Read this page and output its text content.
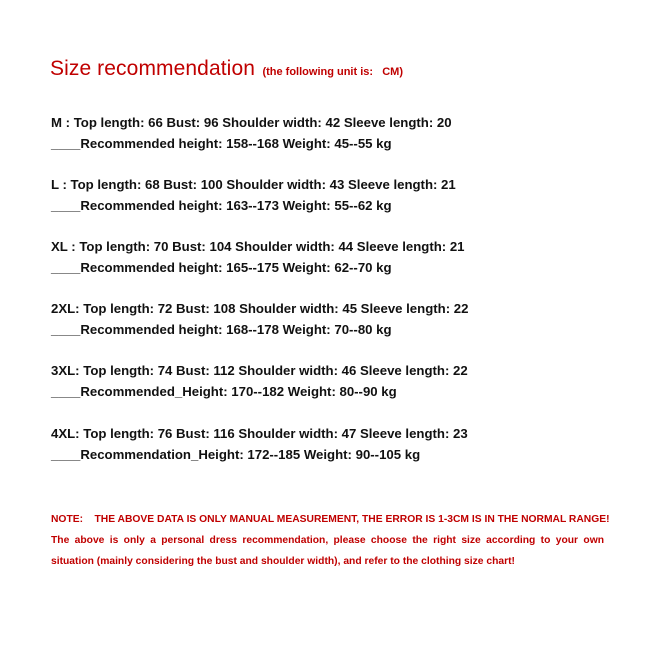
Size recommendation (the following unit is:   CM)
M : Top length: 66 Bust: 96 Shoulder width: 42 Sleeve length: 20
____Recommended height: 158--168 Weight: 45--55 kg
L : Top length: 68 Bust: 100 Shoulder width: 43 Sleeve length: 21
____Recommended height: 163--173 Weight: 55--62 kg
XL : Top length: 70 Bust: 104 Shoulder width: 44 Sleeve length: 21
____Recommended height: 165--175 Weight: 62--70 kg
2XL: Top length: 72 Bust: 108 Shoulder width: 45 Sleeve length: 22
____Recommended height: 168--178 Weight: 70--80 kg
3XL: Top length: 74 Bust: 112 Shoulder width: 46 Sleeve length: 22
____Recommended_Height: 170--182 Weight: 80--90 kg
4XL: Top length: 76 Bust: 116 Shoulder width: 47 Sleeve length: 23
____Recommendation_Height: 172--185 Weight: 90--105 kg
NOTE:    THE ABOVE DATA IS ONLY MANUAL MEASUREMENT, THE ERROR IS 1-3CM IS IN THE NORMAL RANGE!
The above is only a personal dress recommendation, please choose the right size according to your own
situation (mainly considering the bust and shoulder width), and refer to the clothing size chart!
